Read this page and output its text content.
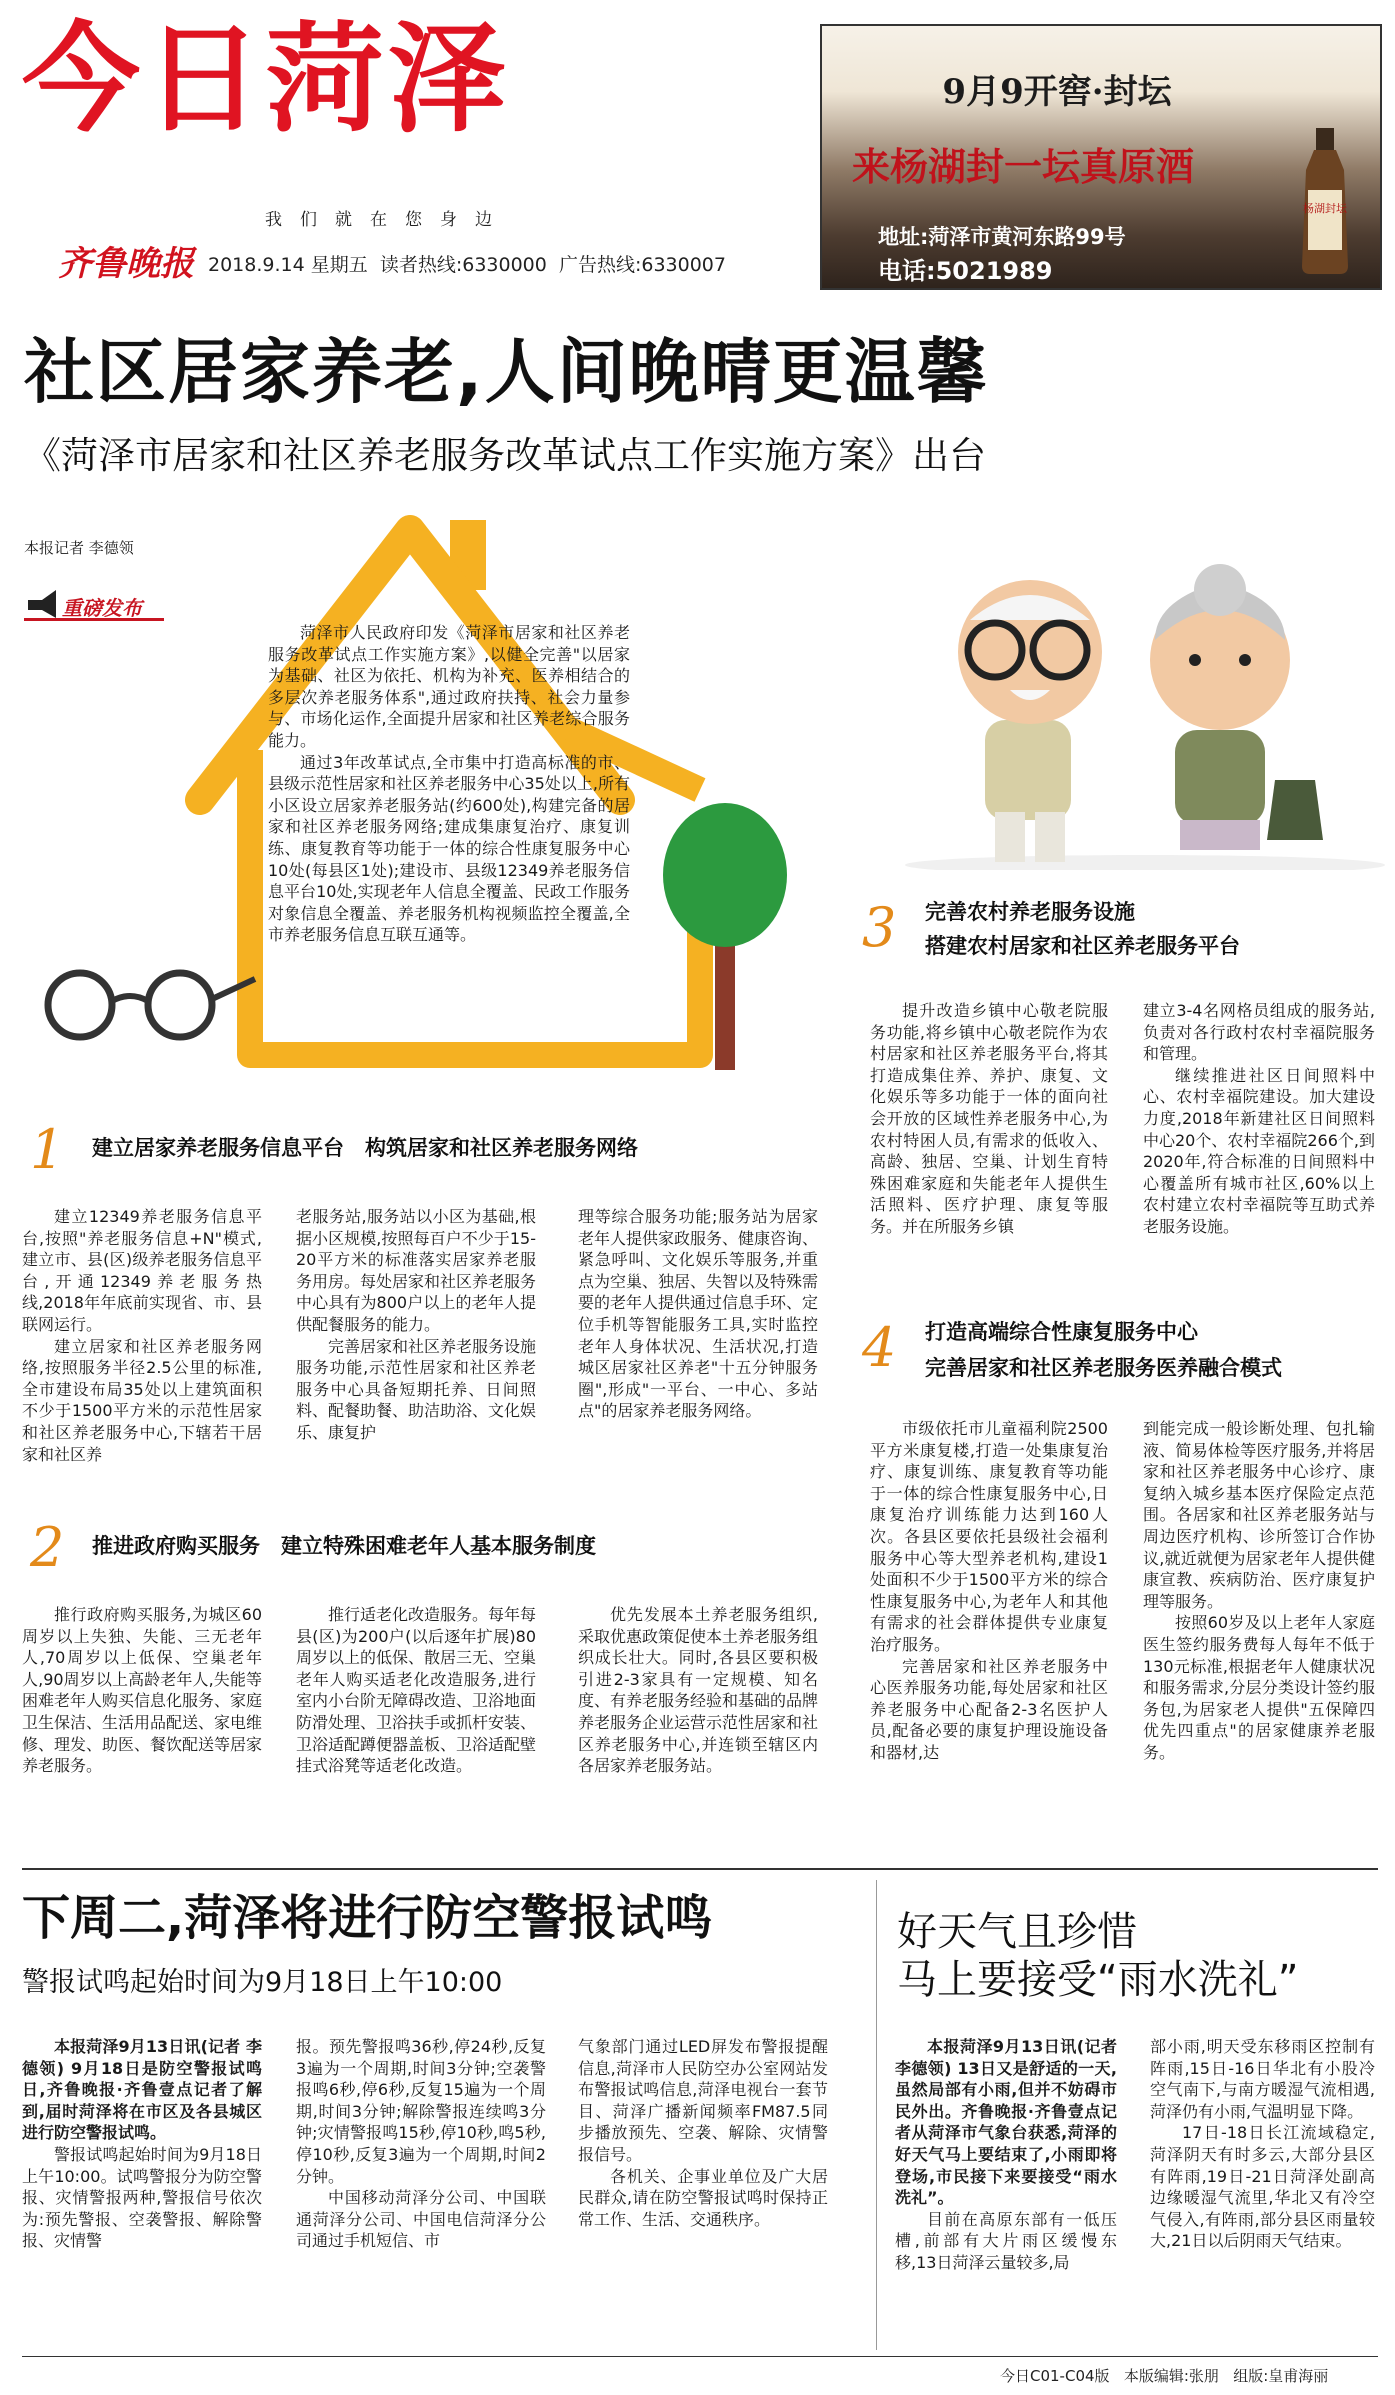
今日菏泽
我们就在您身边
齐鲁晚报 2018.9.14 星期五 读者热线:6330000 广告热线:6330007
9月9开窖·封坛
来杨湖封一坛真原酒
地址:菏泽市黄河东路99号
电话:5021989
杨湖封坛
社区居家养老,人间晚晴更温馨
《菏泽市居家和社区养老服务改革试点工作实施方案》出台
本报记者 李德领
重磅发布

菏泽市人民政府印发《菏泽市居家和社区养老服务改革试点工作实施方案》,以健全完善"以居家为基础、社区为依托、机构为补充、医养相结合的多层次养老服务体系",通过政府扶持、社会力量参与、市场化运作,全面提升居家和社区养老综合服务能力。

通过3年改革试点,全市集中打造高标准的市、县级示范性居家和社区养老服务中心35处以上,所有小区设立居家养老服务站(约600处),构建完备的居家和社区养老服务网络;建成集康复治疗、康复训练、康复教育等功能于一体的综合性康复服务中心10处(每县区1处);建设市、县级12349养老服务信息平台10处,实现老年人信息全覆盖、民政工作服务对象信息全覆盖、养老服务机构视频监控全覆盖,全市养老服务信息互联互通等。	3 完善农村养老服务设施
搭建农村居家和社区养老服务平台

提升改造乡镇中心敬老院服务功能,将乡镇中心敬老院作为农村居家和社区养老服务平台,将其打造成集住养、养护、康复、文化娱乐等多功能于一体的面向社会开放的区域性养老服务中心,为农村特困人员,有需求的低收入、高龄、独居、空巢、计划生育特殊困难家庭和失能老年人提供生活照料、医疗护理、康复等服务。并在所服务乡镇

建立3-4名网格员组成的服务站,负责对各行政村农村幸福院服务和管理。

继续推进社区日间照料中心、农村幸福院建设。加大建设力度,2018年新建社区日间照料中心20个、农村幸福院266个,到2020年,符合标准的日间照料中心覆盖所有城市社区,60%以上农村建立农村幸福院等互助式养老服务设施。

4 打造高端综合性康复服务中心
完善居家和社区养老服务医养融合模式

市级依托市儿童福利院2500平方米康复楼,打造一处集康复治疗、康复训练、康复教育等功能于一体的综合性康复服务中心,日康复治疗训练能力达到160人次。各县区要依托县级社会福利服务中心等大型养老机构,建设1处面积不少于1500平方米的综合性康复服务中心,为老年人和其他有需求的社会群体提供专业康复治疗服务。

完善居家和社区养老服务中心医养服务功能,每处居家和社区养老服务中心配备2-3名医护人员,配备必要的康复护理设施设备和器材,达

到能完成一般诊断处理、包扎输液、简易体检等医疗服务,并将居家和社区养老服务中心诊疗、康复纳入城乡基本医疗保险定点范围。各居家和社区养老服务站与周边医疗机构、诊所签订合作协议,就近就便为居家老年人提供健康宣教、疾病防治、医疗康复护理等服务。

按照60岁及以上老年人家庭医生签约服务费每人每年不低于130元标准,根据老年人健康状况和服务需求,分层分类设计签约服务包,为居家老人提供"五保障四优先四重点"的居家健康养老服务。

1 建立居家养老服务信息平台　构筑居家和社区养老服务网络

建立12349养老服务信息平台,按照"养老服务信息+N"模式,建立市、县(区)级养老服务信息平台,开通12349养老服务热线,2018年年底前实现省、市、县联网运行。

建立居家和社区养老服务网络,按照服务半径2.5公里的标准,全市建设布局35处以上建筑面积不少于1500平方米的示范性居家和社区养老服务中心,下辖若干居家和社区养

老服务站,服务站以小区为基础,根据小区规模,按照每百户不少于15-20平方米的标准落实居家养老服务用房。每处居家和社区养老服务中心具有为800户以上的老年人提供配餐服务的能力。

完善居家和社区养老服务设施服务功能,示范性居家和社区养老服务中心具备短期托养、日间照料、配餐助餐、助洁助浴、文化娱乐、康复护

理等综合服务功能;服务站为居家老年人提供家政服务、健康咨询、紧急呼叫、文化娱乐等服务,并重点为空巢、独居、失智以及特殊需要的老年人提供通过信息手环、定位手机等智能服务工具,实时监控老年人身体状况、生活状况,打造城区居家社区养老"十五分钟服务圈",形成"一平台、一中心、多站点"的居家养老服务网络。

2 推进政府购买服务　建立特殊困难老年人基本服务制度

推行政府购买服务,为城区60周岁以上失独、失能、三无老年人,70周岁以上低保、空巢老年人,90周岁以上高龄老年人,失能等困难老年人购买信息化服务、家庭卫生保洁、生活用品配送、家电维修、理发、助医、餐饮配送等居家养老服务。

推行适老化改造服务。每年每县(区)为200户(以后逐年扩展)80周岁以上的低保、散居三无、空巢老年人购买适老化改造服务,进行室内小台阶无障碍改造、卫浴地面防滑处理、卫浴扶手或抓杆安装、卫浴适配蹲便器盖板、卫浴适配壁挂式浴凳等适老化改造。

优先发展本土养老服务组织,采取优惠政策促使本土养老服务组织成长壮大。同时,各县区要积极引进2-3家具有一定规模、知名度、有养老服务经验和基础的品牌养老服务企业运营示范性居家和社区养老服务中心,并连锁至辖区内各居家养老服务站。

下周二,菏泽将进行防空警报试鸣
警报试鸣起始时间为9月18日上午10:00

本报菏泽9月13日讯(记者 李德领) 9月18日是防空警报试鸣日,齐鲁晚报·齐鲁壹点记者了解到,届时菏泽将在市区及各县城区进行防空警报试鸣。

警报试鸣起始时间为9月18日上午10:00。试鸣警报分为防空警报、灾情警报两种,警报信号依次为:预先警报、空袭警报、解除警报、灾情警

报。预先警报鸣36秒,停24秒,反复3遍为一个周期,时间3分钟;空袭警报鸣6秒,停6秒,反复15遍为一个周期,时间3分钟;解除警报连续鸣3分钟;灾情警报鸣15秒,停10秒,鸣5秒,停10秒,反复3遍为一个周期,时间2分钟。

中国移动菏泽分公司、中国联通菏泽分公司、中国电信菏泽分公司通过手机短信、市

气象部门通过LED屏发布警报提醒信息,菏泽市人民防空办公室网站发布警报试鸣信息,菏泽电视台一套节目、菏泽广播新闻频率FM87.5同步播放预先、空袭、解除、灾情警报信号。

各机关、企事业单位及广大居民群众,请在防空警报试鸣时保持正常工作、生活、交通秩序。

好天气且珍惜
马上要接受“雨水洗礼”

本报菏泽9月13日讯(记者 李德领) 13日又是舒适的一天,虽然局部有小雨,但并不妨碍市民外出。齐鲁晚报·齐鲁壹点记者从菏泽市气象台获悉,菏泽的好天气马上要结束了,小雨即将登场,市民接下来要接受“雨水洗礼”。

目前在高原东部有一低压槽,前部有大片雨区缓慢东移,13日菏泽云量较多,局

部小雨,明天受东移雨区控制有阵雨,15日-16日华北有小股冷空气南下,与南方暖湿气流相遇,菏泽仍有小雨,气温明显下降。

17日-18日长江流域稳定,菏泽阴天有时多云,大部分县区有阵雨,19日-21日菏泽处副高边缘暖湿气流里,华北又有冷空气侵入,有阵雨,部分县区雨量较大,21日以后阴雨天气结束。

今日C01-C04版 本版编辑:张朋 组版:皇甫海丽
